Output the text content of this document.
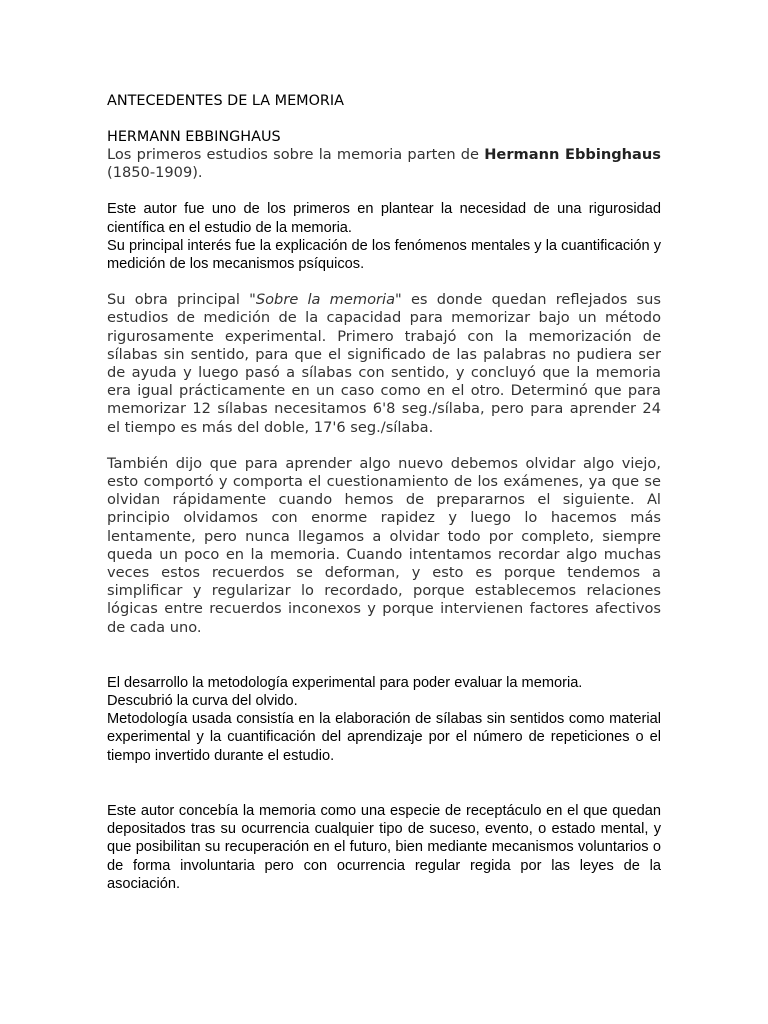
ANTECEDENTES DE LA MEMORIA

HERMANN EBBINGHAUS

Los primeros estudios sobre la memoria parten de Hermann Ebbinghaus (1850-1909).

Este autor fue uno de los primeros en plantear la necesidad de una rigurosidad científica en el estudio de la memoria.

Su principal interés fue la explicación de los fenómenos mentales y la cuantificación y medición de los mecanismos psíquicos.

Su obra principal "Sobre la memoria" es donde quedan reflejados sus estudios de medición de la capacidad para memorizar bajo un método rigurosamente experimental. Primero trabajó con la memorización de sílabas sin sentido, para que el significado de las palabras no pudiera ser de ayuda y luego pasó a sílabas con sentido, y concluyó que la memoria era igual prácticamente en un caso como en el otro. Determinó que para memorizar 12 sílabas necesitamos 6'8 seg./sílaba, pero para aprender 24 el tiempo es más del doble, 17'6 seg./sílaba.

También dijo que para aprender algo nuevo debemos olvidar algo viejo, esto comportó y comporta el cuestionamiento de los exámenes, ya que se olvidan rápidamente cuando hemos de prepararnos el siguiente. Al principio olvidamos con enorme rapidez y luego lo hacemos más lentamente, pero nunca llegamos a olvidar todo por completo, siempre queda un poco en la memoria. Cuando intentamos recordar algo muchas veces estos recuerdos se deforman, y esto es porque tendemos a simplificar y regularizar lo recordado, porque establecemos relaciones lógicas entre recuerdos inconexos y porque intervienen factores afectivos de cada uno.

El desarrollo la metodología experimental para poder evaluar la memoria.

Descubrió la curva del olvido.

Metodología usada consistía en la elaboración de sílabas sin sentidos como material experimental y la cuantificación del aprendizaje por el número de repeticiones o el tiempo invertido durante el estudio.

Este autor concebía la memoria como una especie de receptáculo en el que quedan depositados tras su ocurrencia cualquier tipo de suceso, evento, o estado mental, y que posibilitan su recuperación en el futuro, bien mediante mecanismos voluntarios o de forma involuntaria pero con ocurrencia regular regida por las leyes de la asociación.
